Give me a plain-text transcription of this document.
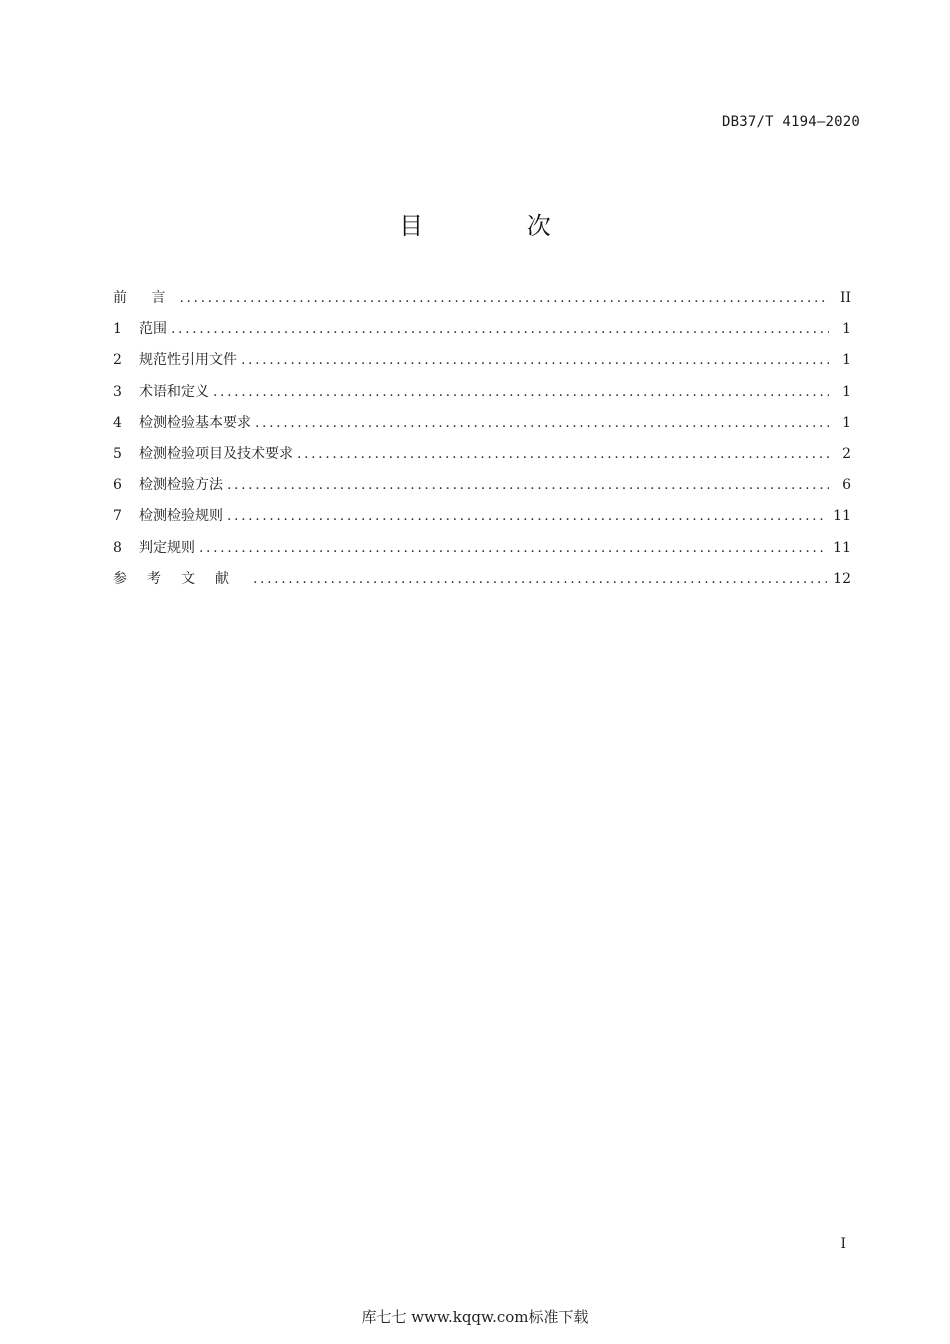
DB37/T 4194—2020
目 次
前 言 .....	II
1	范围 .....	1
2	规范性引用文件 .....	1
3	术语和定义 .....	1
4	检测检验基本要求 .....	1
5	检测检验项目及技术要求 .....	2
6	检测检验方法 .....	6
7	检测检验规则 .....	11
8	判定规则 .....	11
参考文献 .....	12
I
库七七 www.kqqw.com标准下载
